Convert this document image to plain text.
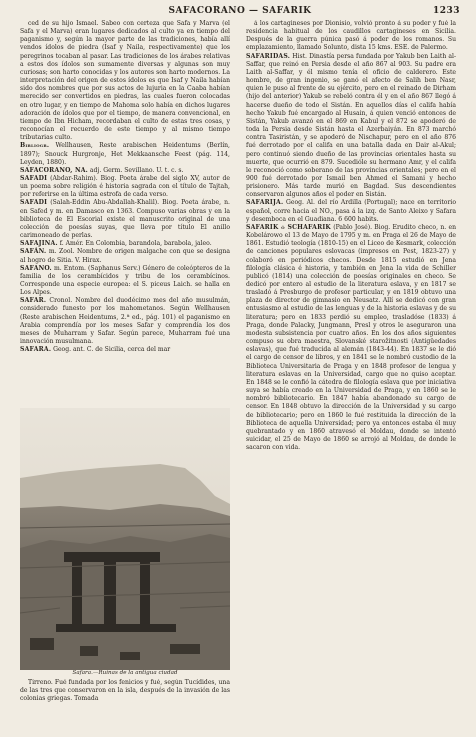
SAFACORANO — SAFARIK	1233

ced de su hijo Ismael. Sabeo con certeza que Safa y Marva (el Safa y el Marva) eran lugares dedicados al culto ya en tiempo del paganismo y, según la mayor parte de las tradiciones, había allí vendos ídolos de piedra (Isaf y Naila, respectivamente) que los peregrinos tocaban al pasar. Las tradiciones de los árabes relativas a estos dos ídolos son sumamente diversas y algunas son muy curiosas; son harto conocidas y los autores son harto modernos. La interpretación del origen de estos ídolos es que Isaf y Naila habían sido dos nombres que por sus actos de lujuria en la Caaba habían merecido ser convertidos en piedras, las cuales fueron colocadas en otro lugar, y en tiempo de Mahoma solo había en dichos lugares adoración de ídolos que por el tiempo, de manera convencional, en tiempo de Ibn Hicham, recordaban el culto de estas tres cosas, y reconocían el recuerdo de este tiempo y al mismo tiempo tributarias culto.

Bibliogr. Wellhausen, Reste arabischen Heidentums (Berlín, 1897); Snouck Hurgronje, Het Mekkaansche Feest (pág. 114, Leyden, 1880).

SAFACORANO, NA. adj. Germ. Sevillano. U. t. c. s.

SAFADI (Abdar-Rahim). Biog. Poeta árabe del siglo XV, autor de un poema sobre religión é historia sagrada con el título de Tajtah, por referirse en la última estrofa de cada verso.

SAFADI (Salah-Eddin Abu-Abdallah-Khalil). Biog. Poeta árabe, n. en Safed y m. en Damasco en 1363. Compuso varias obras y en la biblioteca de El Escorial existe el manuscrito original de una colección de poesías suyas, que lleva por título El anillo carimoneado de perlas.

SAFAJINA. f. Amér. En Colombia, barandola, barabola, jaleo.

SAFÁN. m. Zool. Nombre de origen malgache con que se designa al hogro de Sitia. V. Hirax.

SAFANO. m. Entom. (Saphanus Serv.) Género de coleópteros de la familia de los cerambícidos y tribu de los cerambícinos. Corresponde una especie europea: el S. piceus Laich. se halla en Los Alpes.

SAFAR. Cronol. Nombre del duodécimo mes del año musulmán, considerado funesto por los mahometanos. Según Wellhausen (Reste arabischen Heidentums, 2.ª ed., pág. 101) el paganismo en Arabia comprendía por los meses Safar y comprendía los dos meses de Muharram y Safar. Según parece, Muharram fué una innovación musulmana.

SAFARA. Geog. ant. C. de Sicilia, cerca del mar

Safara.—Ruinas de la antigua ciudad

Tirreno. Fué fundada por los fenicios y fué, según Tucídides, una de las tres que conservaron en la isla, después de la invasión de las colonias griegas. Tomada

á los cartagineses por Dionisio, volvió pronto á su poder y fué la residencia habitual de los caudillos cartagineses en Sicilia. Después de la guerra púnica pasó á poder de los romanos. Su emplazamiento, llamado Solunto, dista 15 kms. ESE. de Palermo.

SAFARIDAS. Hist. Dinastía persa fundada por Yakub ben Laith al-Saffar, que reinó en Persia desde el año 867 al 903. Su padre era Laith al-Saffar, y él mismo tenía el oficio de calderero. Este hombre, de gran ingenio, se ganó el afecto de Salih ben Nasr, quien le puso al frente de su ejército, pero en el reinado de Dirham (hijo del anterior) Yakub se rebeló contra él y en el año 867 llegó á hacerse dueño de todo el Sistán. En aquellos días el califa había hecho Yakub fué encargado al Husain, á quien venció entonces de Sistán, Yakub avanzó en el 869 en Kabul y el 872 se apoderó de toda la Persia desde Sistán hasta el Azerbaiyán. En 873 marchó contra Tasiristán, y se apoderó de Nischapur, pero en el año 876 fué derrotado por el califa en una batalla dada en Dair al-Akul; pero continuó siendo dueño de las provincias orientales hasta su muerte, que ocurrió en 879. Sucedióle su hermano Amr, y el califa le reconoció como soberano de las provincias orientales; pero en el 900 fué derrotado por Ismail ben Ahmed el Samani y hecho prisionero. Más tarde murió en Bagdad. Sus descendientes conservaron algunos años el poder en Sistán.

SAFARIJA. Geog. Al. del río Ardilla (Portugal); nace en territorio español, corre hacia el NO., pasa á la izq. de Santo Aleixo y Safara y desemboca en el Guadiana. 6 600 habits.

SAFARIK ó SCHAFARIK (Pablo José). Biog. Erudito checo, n. en Kobelárowo el 13 de Mayo de 1795 y m. en Praga el 26 de Mayo de 1861. Estudió teología (1810-15) en el Liceo de Kesmark, colección de canciones populares eslovacas (impresos en Pest, 1823-27) y colaboró en periódicos checos. Desde 1815 estudió en Jena filología clásica é historia, y también en Jena la vida de Schiller publicó (1814) una colección de poesías originales en checo. Se dedicó por entero al estudio de la literatura eslava, y en 1817 se trasladó á Presburgo de profesor particular, y en 1819 obtuvo una plaza de director de gimnasio en Neusatz. Allí se dedicó con gran entusiasmo al estudio de las lenguas y de la historia eslavas y de su literatura; pero en 1833 perdió su empleo, trasladóse (1833) á Praga, donde Palacky, Jungmann, Presl y otros le aseguraron una modesta subsistencia por cuatro años. En los dos años siguientes compuso su obra maestra, Slovanské starožitnosti (Antigüedades eslavas), que fué traducida al alemán (1843-44). En 1837 se le dió el cargo de censor de libros, y en 1841 se le nombró custodio de la Biblioteca Universitaria de Praga y en 1848 profesor de lengua y literatura eslavas en la Universidad, cargo que no quiso aceptar. En 1848 se le confió la cátedra de filología eslava que por iniciativa suya se había creado en la Universidad de Praga, y en 1860 se le nombró bibliotecario. En 1847 había abandonado su cargo de censor. En 1848 obtuvo la dirección de la Universidad y su cargo de bibliotecario; pero en 1860 le fué restituida la dirección de la Biblioteca de aquella Universidad; pero ya entonces estaba él muy quebrantado y en 1860 atravesó el Moldau, donde se intentó suicidar, el 25 de Mayo de 1860 se arrojó al Moldau, de donde le sacaron con vida.
